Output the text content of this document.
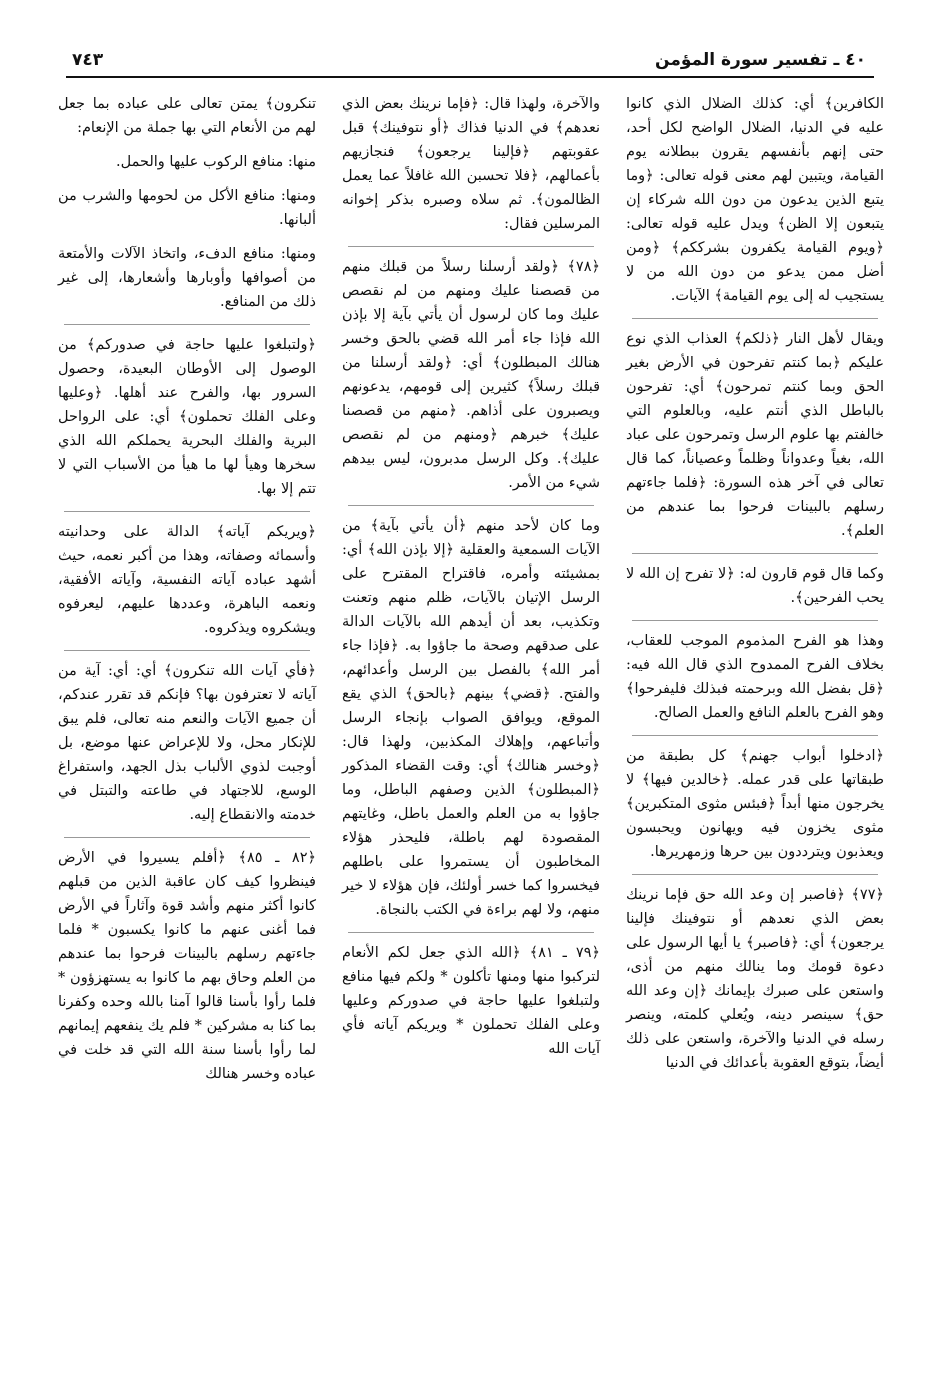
٤٠ ـ تفسير سورة المؤمن
٧٤٣

الكافرين﴾ أي: كذلك الضلال الذي كانوا عليه في الدنيا، الضلال الواضح لكل أحد، حتى إنهم بأنفسهم يقرون ببطلانه يوم القيامة، ويتبين لهم معنى قوله تعالى: ﴿وما يتبع الذين يدعون من دون الله شركاء إن يتبعون إلا الظن﴾ ويدل عليه قوله تعالى: ﴿ويوم القيامة يكفرون بشرككم﴾ ﴿ومن أضل ممن يدعو من دون الله من لا يستجيب له إلى يوم القيامة﴾ الآيات.

ويقال لأهل النار ﴿ذلكم﴾ العذاب الذي نوع عليكم ﴿بما كنتم تفرحون في الأرض بغير الحق وبما كنتم تمرحون﴾ أي: تفرحون بالباطل الذي أنتم عليه، وبالعلوم التي خالفتم بها علوم الرسل وتمرحون على عباد الله، بغياً وعدواناً وظلماً وعصياناً، كما قال تعالى في آخر هذه السورة: ﴿فلما جاءتهم رسلهم بالبينات فرحوا بما عندهم من العلم﴾.

وكما قال قوم قارون له: ﴿لا تفرح إن الله لا يحب الفرحين﴾.

وهذا هو الفرح المذموم الموجب للعقاب، بخلاف الفرح الممدوح الذي قال الله فيه: ﴿قل بفضل الله وبرحمته فبذلك فليفرحوا﴾ وهو الفرح بالعلم النافع والعمل الصالح.

﴿ادخلوا أبواب جهنم﴾ كل بطبقة من طبقاتها على قدر عمله. ﴿خالدين فيها﴾ لا يخرجون منها أبداً ﴿فبئس مثوى المتكبرين﴾ مثوى يخزون فيه ويهانون ويحبسون ويعذبون ويترددون بين حرها وزمهريرها.

﴿٧٧﴾ ﴿فاصبر إن وعد الله حق فإما نرينك بعض الذي نعدهم أو نتوفينك فإلينا يرجعون﴾ أي: ﴿فاصبر﴾ يا أيها الرسول على دعوة قومك وما ينالك منهم من أذى، واستعن على صبرك بإيمانك ﴿إن وعد الله حق﴾ سينصر دينه، ويُعلي كلمته، وينصر رسله في الدنيا والآخرة، واستعن على ذلك أيضاً، بتوقع العقوبة بأعدائك في الدنيا

والآخرة، ولهذا قال: ﴿فإما نرينك بعض الذي نعدهم﴾ في الدنيا فذاك ﴿أو نتوفينك﴾ قبل عقوبتهم ﴿فإلينا يرجعون﴾ فنجازيهم بأعمالهم، ﴿فلا تحسبن الله غافلاً عما يعمل الظالمون﴾. ثم سلاه وصبره بذكر إخوانه المرسلين فقال:

﴿٧٨﴾ ﴿ولقد أرسلنا رسلاً من قبلك منهم من قصصنا عليك ومنهم من لم نقصص عليك وما كان لرسول أن يأتي بآية إلا بإذن الله فإذا جاء أمر الله قضي بالحق وخسر هنالك المبطلون﴾ أي: ﴿ولقد أرسلنا من قبلك رسلاً﴾ كثيرين إلى قومهم، يدعونهم ويصبرون على أذاهم. ﴿منهم من قصصنا عليك﴾ خبرهم ﴿ومنهم من لم نقصص عليك﴾. وكل الرسل مدبرون، ليس بيدهم شيء من الأمر.

وما كان لأحد منهم ﴿أن يأتي بآية﴾ من الآيات السمعية والعقلية ﴿إلا بإذن الله﴾ أي: بمشيئته وأمره، فاقتراح المقترح على الرسل الإتيان بالآيات، ظلم منهم وتعنت وتكذيب، بعد أن أيدهم الله بالآيات الدالة على صدقهم وصحة ما جاؤوا به. ﴿فإذا جاء أمر الله﴾ بالفصل بين الرسل وأعدائهم، والفتح. ﴿قضي﴾ بينهم ﴿بالحق﴾ الذي يقع الموقع، ويوافق الصواب بإنجاء الرسل وأتباعهم، وإهلاك المكذبين، ولهذا قال: ﴿وخسر هنالك﴾ أي: وقت القضاء المذكور ﴿المبطلون﴾ الذين وصفهم الباطل، وما جاؤوا به من العلم والعمل باطل، وغايتهم المقصودة لهم باطلة، فليحذر هؤلاء المخاطبون أن يستمروا على باطلهم فيخسروا كما خسر أولئك، فإن هؤلاء لا خير منهم، ولا لهم براءة في الكتب بالنجاة.

﴿٧٩ ـ ٨١﴾ ﴿الله الذي جعل لكم الأنعام لتركبوا منها ومنها تأكلون * ولكم فيها منافع ولتبلغوا عليها حاجة في صدوركم وعليها وعلى الفلك تحملون * ويريكم آياته فأي آيات الله

تنكرون﴾ يمتن تعالى على عباده بما جعل لهم من الأنعام التي بها جملة من الإنعام:

منها: منافع الركوب عليها والحمل.

ومنها: منافع الأكل من لحومها والشرب من ألبانها.

ومنها: منافع الدفء، واتخاذ الآلات والأمتعة من أصوافها وأوبارها وأشعارها، إلى غير ذلك من المنافع.

﴿ولتبلغوا عليها حاجة في صدوركم﴾ من الوصول إلى الأوطان البعيدة، وحصول السرور بها، والفرح عند أهلها. ﴿وعليها وعلى الفلك تحملون﴾ أي: على الرواحل البرية والفلك البحرية يحملكم الله الذي سخرها وهيأ لها ما هيأ من الأسباب التي لا تتم إلا بها.

﴿ويريكم آياته﴾ الدالة على وحدانيته وأسمائه وصفاته، وهذا من أكبر نعمه، حيث أشهد عباده آياته النفسية، وآياته الأفقية، ونعمه الباهرة، وعددها عليهم، ليعرفوه ويشكروه ويذكروه.

﴿فأي آيات الله تنكرون﴾ أي: أي: آية من آياته لا تعترفون بها؟ فإنكم قد تقرر عندكم، أن جميع الآيات والنعم منه تعالى، فلم يبق للإنكار محل، ولا للإعراض عنها موضع، بل أوجبت لذوي الألباب بذل الجهد، واستفراغ الوسع، للاجتهاد في طاعته والتبتل في خدمته والانقطاع إليه.

﴿٨٢ ـ ٨٥﴾ ﴿أفلم يسيروا في الأرض فينظروا كيف كان عاقبة الذين من قبلهم كانوا أكثر منهم وأشد قوة وآثاراً في الأرض فما أغنى عنهم ما كانوا يكسبون * فلما جاءتهم رسلهم بالبينات فرحوا بما عندهم من العلم وحاق بهم ما كانوا به يستهزؤون * فلما رأوا بأسنا قالوا آمنا بالله وحده وكفرنا بما كنا به مشركين * فلم يك ينفعهم إيمانهم لما رأوا بأسنا سنة الله التي قد خلت في عباده وخسر هنالك
